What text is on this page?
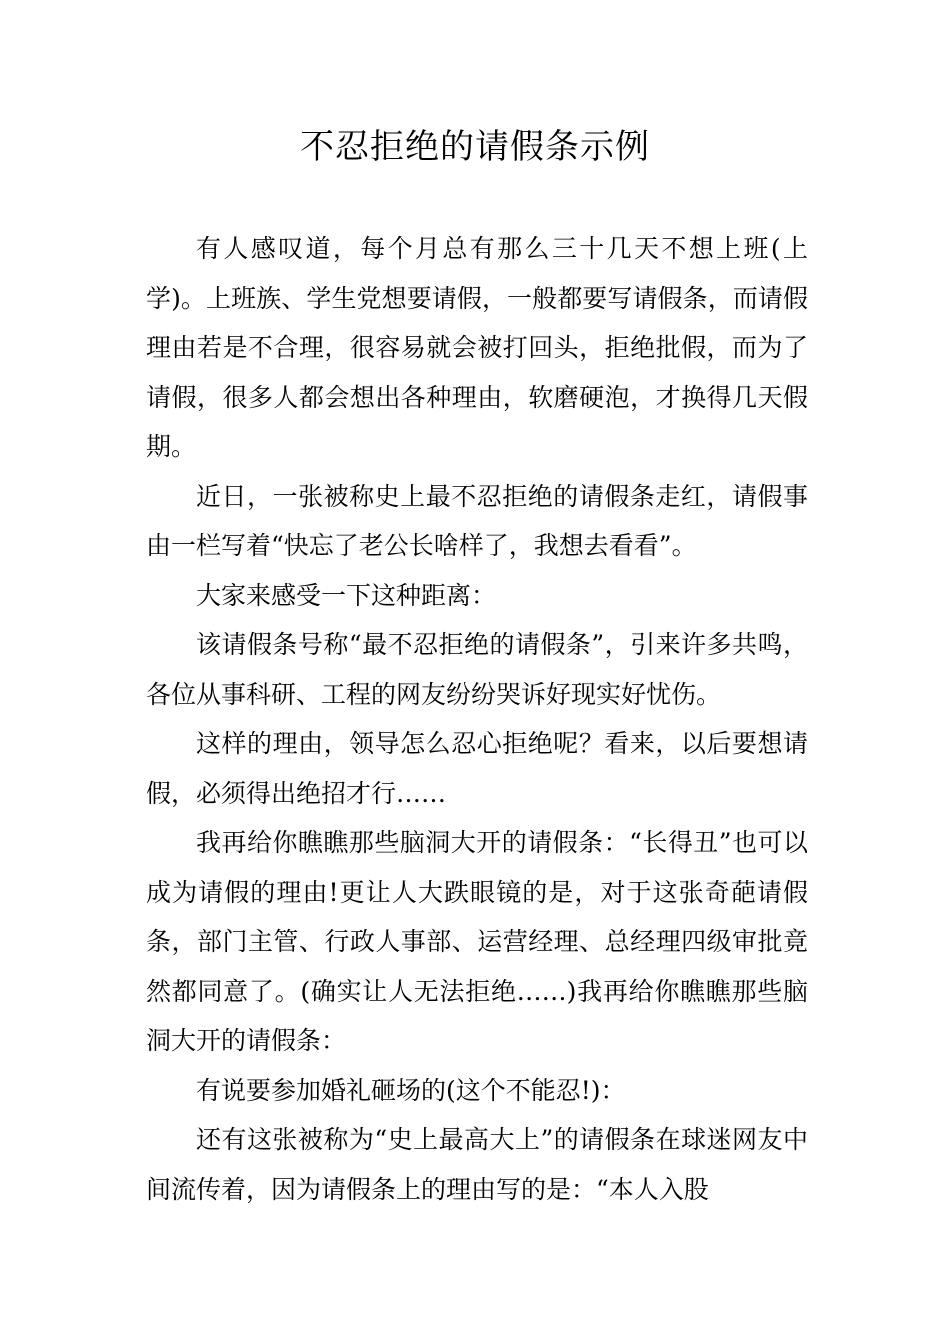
不忍拒绝的请假条示例

有人感叹道，每个月总有那么三十几天不想上班(上学)。上班族、学生党想要请假，一般都要写请假条，而请假理由若是不合理，很容易就会被打回头，拒绝批假，而为了请假，很多人都会想出各种理由，软磨硬泡，才换得几天假期。

近日，一张被称史上最不忍拒绝的请假条走红，请假事由一栏写着“快忘了老公长啥样了，我想去看看”。

大家来感受一下这种距离：

该请假条号称“最不忍拒绝的请假条”，引来许多共鸣，各位从事科研、工程的网友纷纷哭诉好现实好忧伤。

这样的理由，领导怎么忍心拒绝呢？看来，以后要想请假，必须得出绝招才行……

我再给你瞧瞧那些脑洞大开的请假条：“长得丑”也可以成为请假的理由!更让人大跌眼镜的是，对于这张奇葩请假条，部门主管、行政人事部、运营经理、总经理四级审批竟然都同意了。(确实让人无法拒绝……)我再给你瞧瞧那些脑洞大开的请假条：

有说要参加婚礼砸场的(这个不能忍!)：

还有这张被称为“史上最高大上”的请假条在球迷网友中间流传着，因为请假条上的理由写的是：“本人入股
